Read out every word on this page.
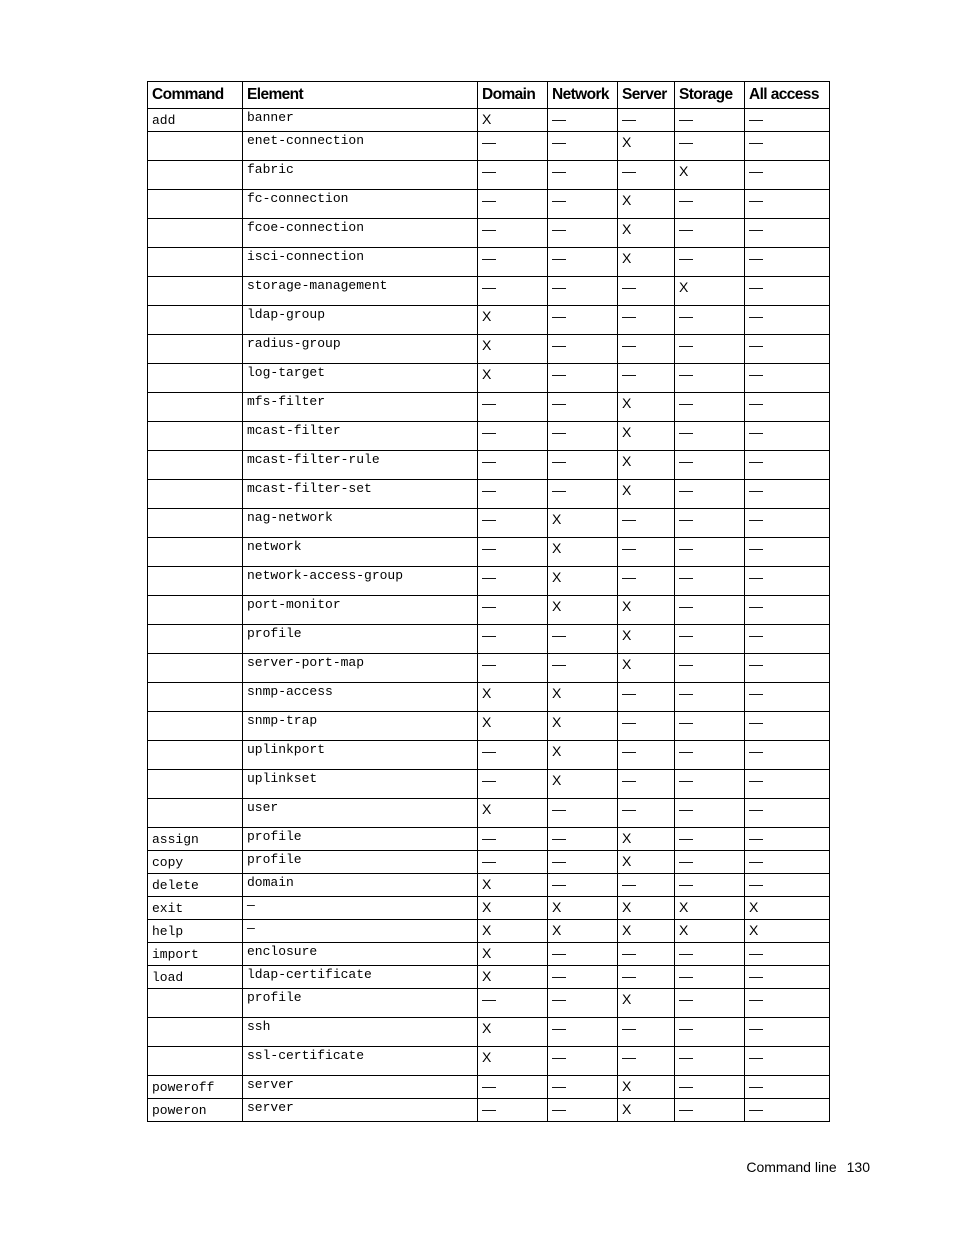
Command	Element	Domain	Network	Server	Storage	All access
add	banner	X	—	—	—	—
	enet-connection	—	—	X	—	—
	fabric	—	—	—	X	—
	fc-connection	—	—	X	—	—
	fcoe-connection	—	—	X	—	—
	isci-connection	—	—	X	—	—
	storage-management	—	—	—	X	—
	ldap-group	X	—	—	—	—
	radius-group	X	—	—	—	—
	log-target	X	—	—	—	—
	mfs-filter	—	—	X	—	—
	mcast-filter	—	—	X	—	—
	mcast-filter-rule	—	—	X	—	—
	mcast-filter-set	—	—	X	—	—
	nag-network	—	X	—	—	—
	network	—	X	—	—	—
	network-access-group	—	X	—	—	—
	port-monitor	—	X	X	—	—
	profile	—	—	X	—	—
	server-port-map	—	—	X	—	—
	snmp-access	X	X	—	—	—
	snmp-trap	X	X	—	—	—
	uplinkport	—	X	—	—	—
	uplinkset	—	X	—	—	—
	user	X	—	—	—	—
assign	profile	—	—	X	—	—
copy	profile	—	—	X	—	—
delete	domain	X	—	—	—	—
exit	—	X	X	X	X	X
help	—	X	X	X	X	X
import	enclosure	X	—	—	—	—
load	ldap-certificate	X	—	—	—	—
	profile	—	—	X	—	—
	ssh	X	—	—	—	—
	ssl-certificate	X	—	—	—	—
poweroff	server	—	—	X	—	—
poweron	server	—	—	X	—	—
Command line 130
